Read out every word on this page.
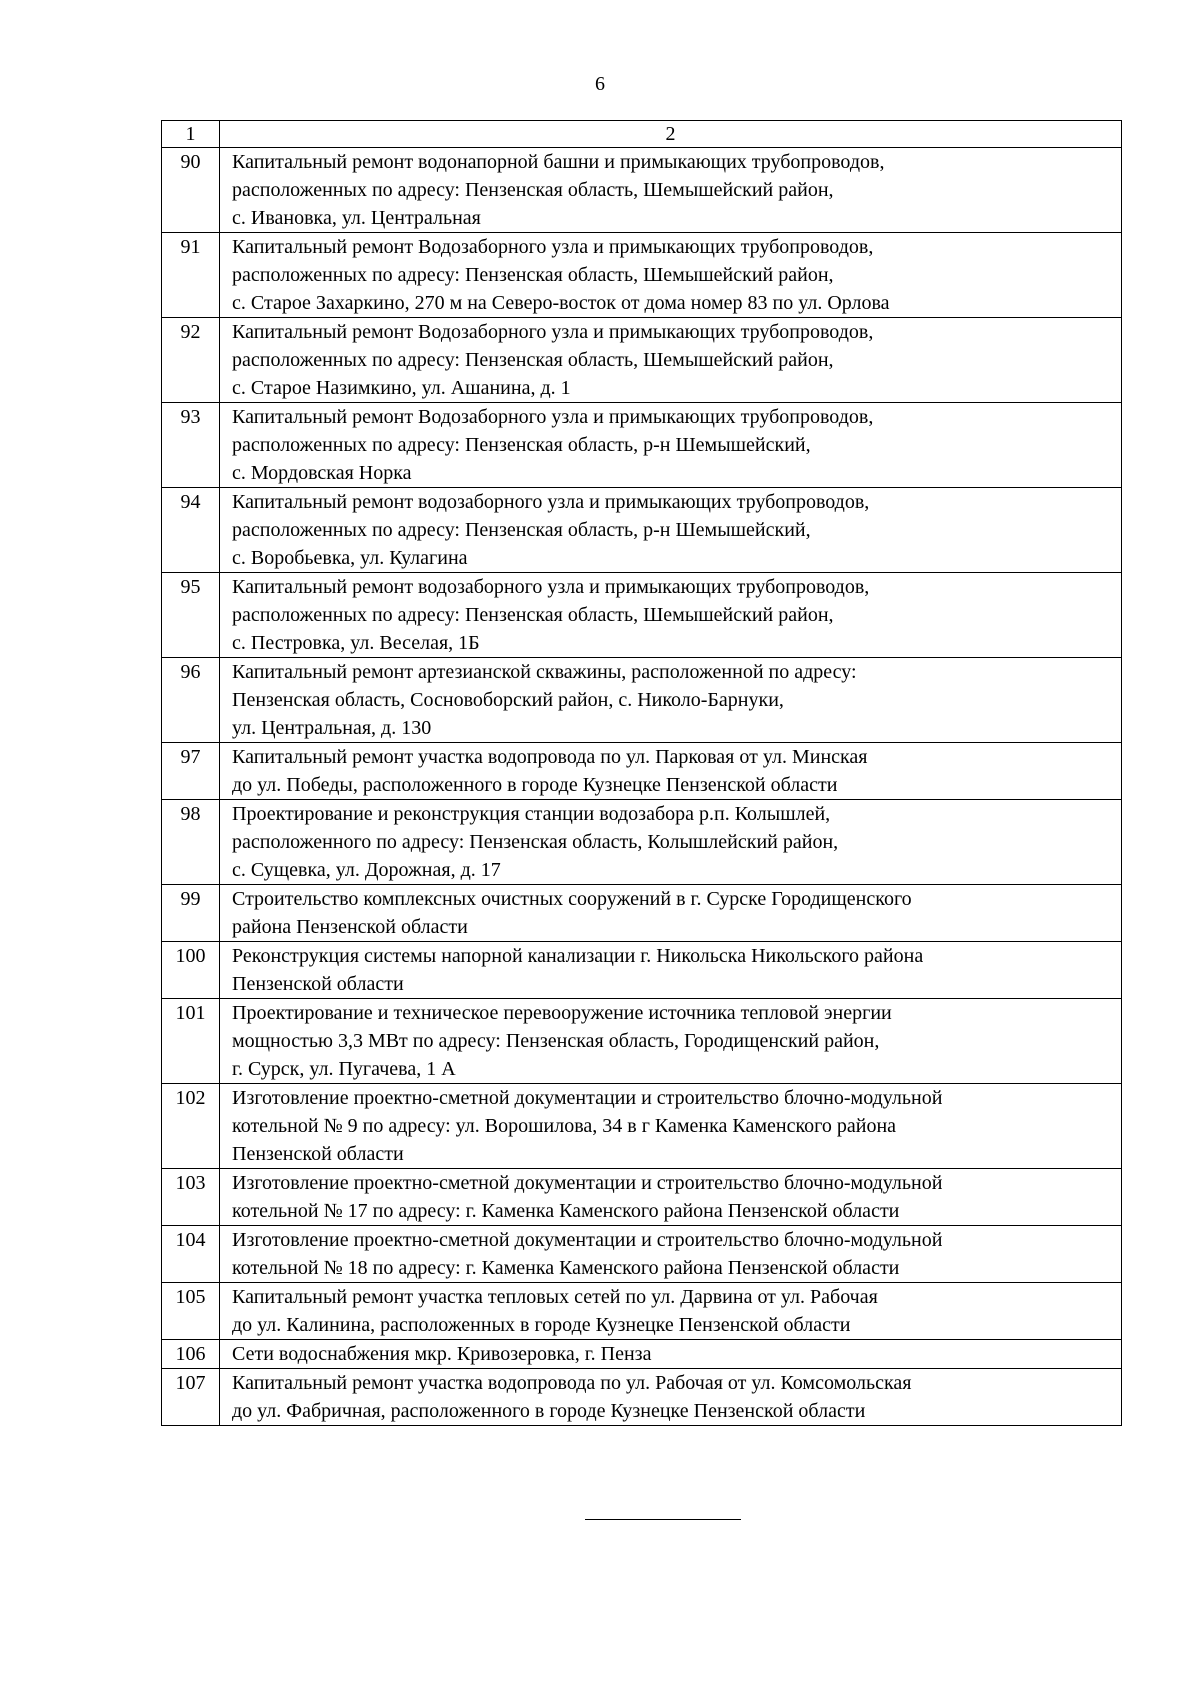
6
1	2
90	Капитальный ремонт водонапорной башни и примыкающих трубопроводов,
расположенных по адресу: Пензенская область, Шемышейский район,
с. Ивановка, ул. Центральная

91	Капитальный ремонт Водозаборного узла и примыкающих трубопроводов,
расположенных по адресу: Пензенская область, Шемышейский район,
с. Старое Захаркино, 270 м на Северо-восток от дома номер 83 по ул. Орлова

92	Капитальный ремонт Водозаборного узла и примыкающих трубопроводов,
расположенных по адресу: Пензенская область, Шемышейский район,
с. Старое Назимкино, ул. Ашанина, д. 1

93	Капитальный ремонт Водозаборного узла и примыкающих трубопроводов,
расположенных по адресу: Пензенская область, р-н Шемышейский,
с. Мордовская Норка

94	Капитальный ремонт водозаборного узла и примыкающих трубопроводов,
расположенных по адресу: Пензенская область, р-н Шемышейский,
с. Воробьевка, ул. Кулагина

95	Капитальный ремонт водозаборного узла и примыкающих трубопроводов,
расположенных по адресу: Пензенская область, Шемышейский район,
с. Пестровка, ул. Веселая, 1Б

96	Капитальный ремонт артезианской скважины, расположенной по адресу:
Пензенская область, Сосновоборский район, с. Николо-Барнуки,
ул. Центральная, д. 130

97	Капитальный ремонт участка водопровода по ул. Парковая от ул. Минская
до ул. Победы, расположенного в городе Кузнецке Пензенской области

98	Проектирование и реконструкция станции водозабора р.п. Колышлей,
расположенного по адресу: Пензенская область, Колышлейский район,
с. Сущевка, ул. Дорожная, д. 17

99	Строительство комплексных очистных сооружений в г. Сурске Городищенского
района Пензенской области

100	Реконструкция системы напорной канализации г. Никольска Никольского района
Пензенской области

101	Проектирование и техническое перевооружение источника тепловой энергии
мощностью 3,3 МВт по адресу: Пензенская область, Городищенский район,
г. Сурск, ул. Пугачева, 1 А

102	Изготовление проектно-сметной документации и строительство блочно-модульной
котельной № 9 по адресу: ул. Ворошилова, 34 в г Каменка Каменского района
Пензенской области

103	Изготовление проектно-сметной документации и строительство блочно-модульной
котельной № 17 по адресу: г. Каменка Каменского района Пензенской области

104	Изготовление проектно-сметной документации и строительство блочно-модульной
котельной № 18 по адресу: г. Каменка Каменского района Пензенской области

105	Капитальный ремонт участка тепловых сетей по ул. Дарвина от ул. Рабочая
до ул. Калинина, расположенных в городе Кузнецке Пензенской области

106	Сети водоснабжения мкр. Кривозеровка, г. Пенза

107	Капитальный ремонт участка водопровода по ул. Рабочая от ул. Комсомольская
до ул. Фабричная, расположенного в городе Кузнецке Пензенской области
